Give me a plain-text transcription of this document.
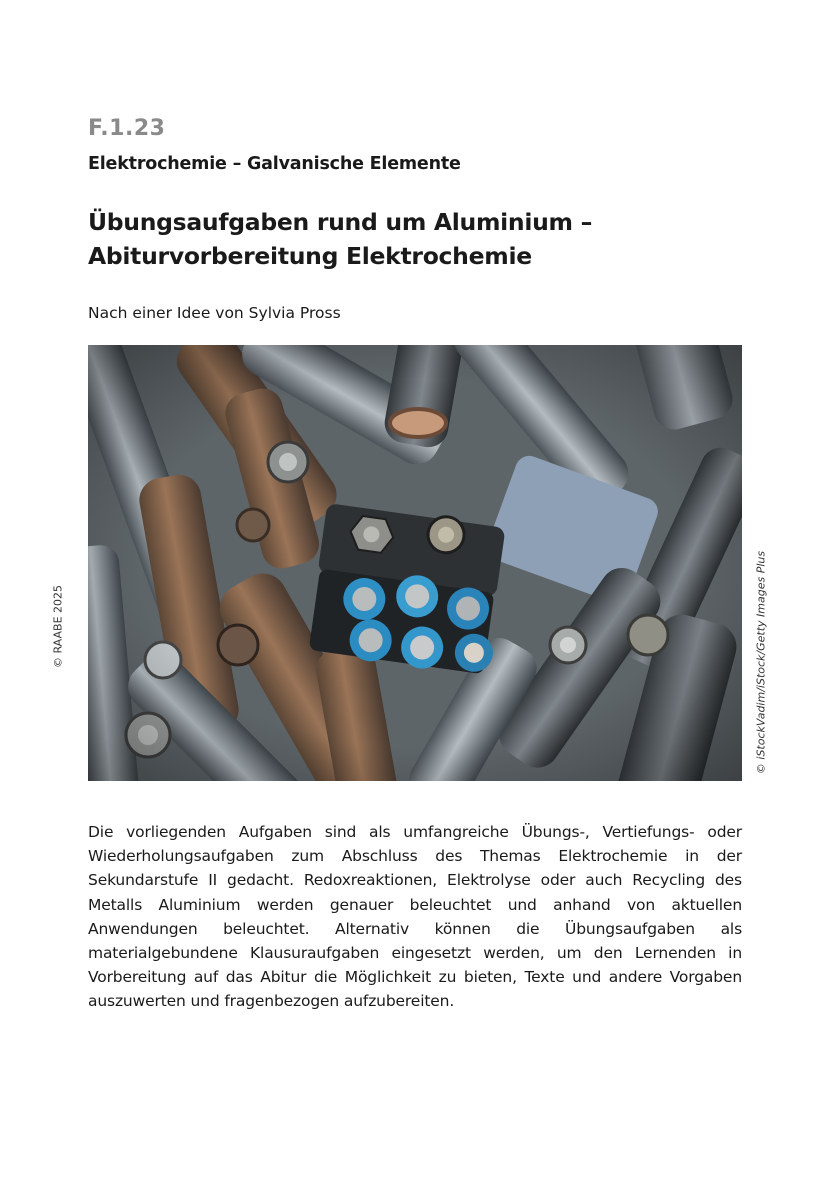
F.1.23
Elektrochemie – Galvanische Elemente
Übungsaufgaben rund um Aluminium – Abiturvorbereitung Elektrochemie
Nach einer Idee von Sylvia Pross
© RAABE 2025	© iStockVadim/iStock/Getty Images Plus
Die vorliegenden Aufgaben sind als umfangreiche Übungs-, Vertiefungs- oder Wiederholungsaufgaben zum Abschluss des Themas Elektrochemie in der Sekundarstufe II gedacht. Redoxreaktionen, Elektrolyse oder auch Recycling des Metalls Aluminium werden genauer beleuchtet und anhand von aktuellen Anwendungen beleuchtet. Alternativ können die Übungsaufgaben als materialgebundene Klausuraufgaben eingesetzt werden, um den Lernenden in Vorbereitung auf das Abitur die Möglichkeit zu bieten, Texte und andere Vorgaben auszuwerten und fragenbezogen aufzubereiten.
